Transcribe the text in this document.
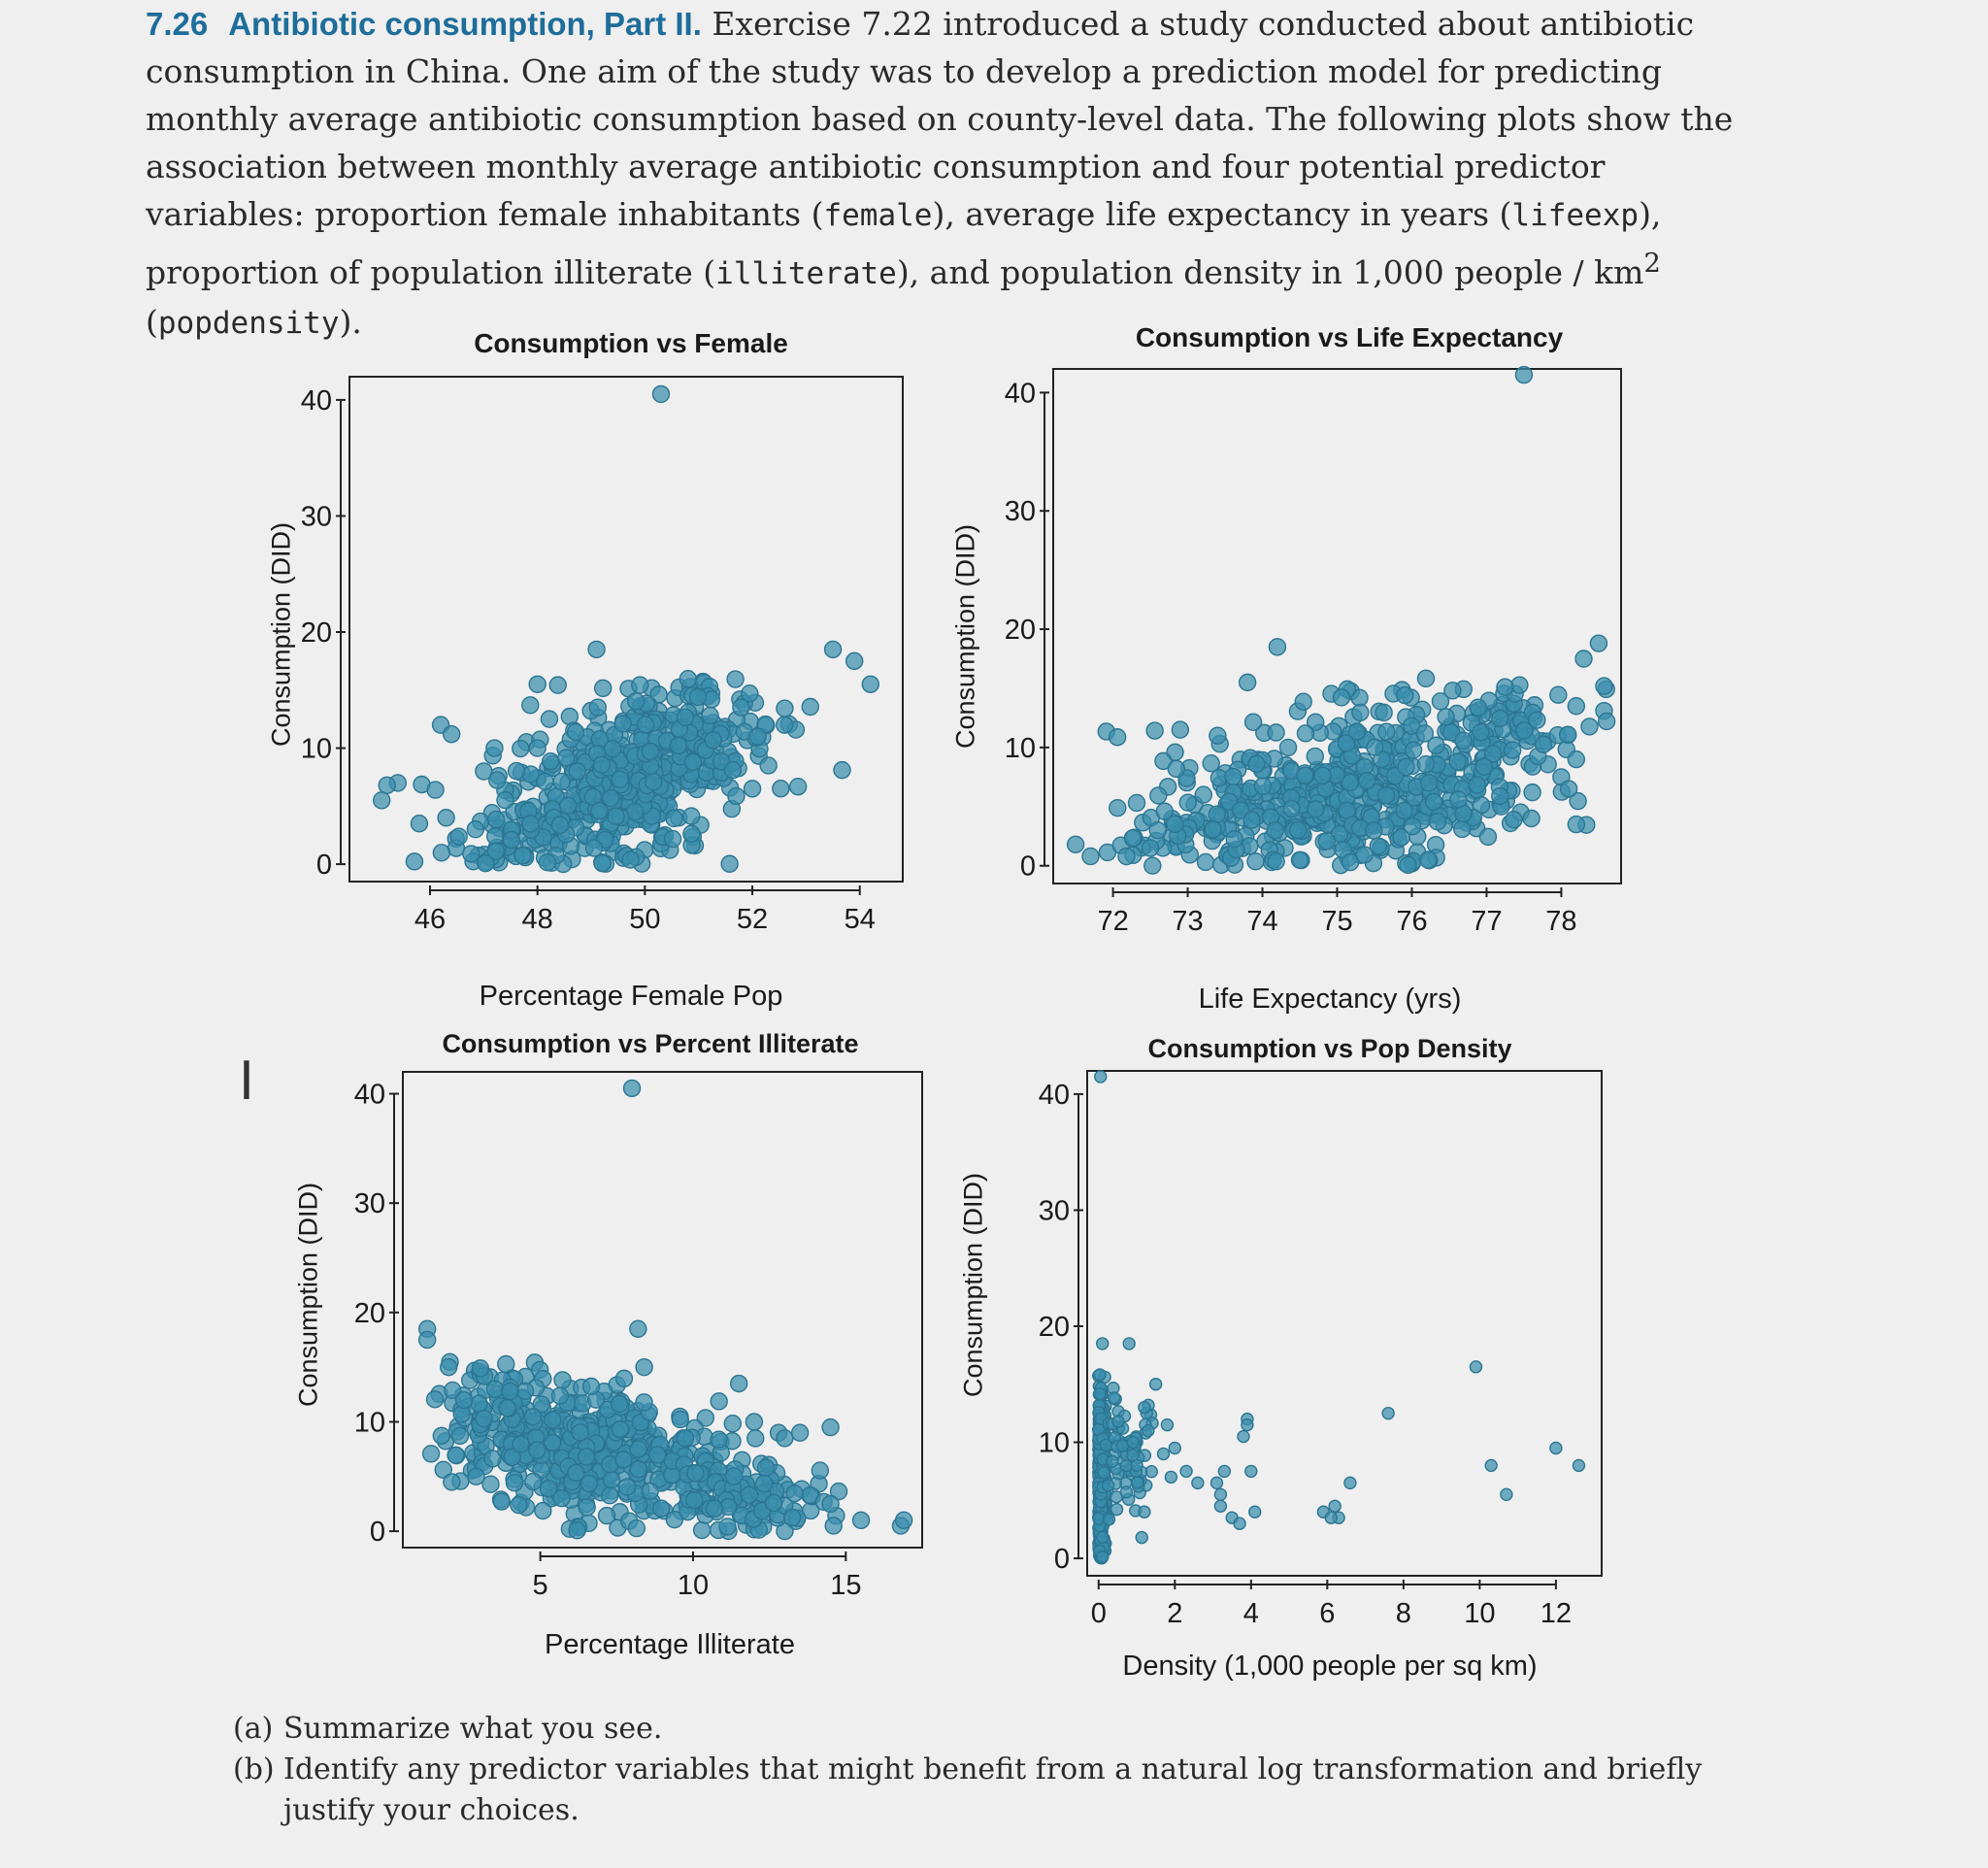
7.26 Antibiotic consumption, Part II. Exercise 7.22 introduced a study conducted about antibiotic consumption in China. One aim of the study was to develop a prediction model for predicting monthly average antibiotic consumption based on county-level data. The following plots show the association between monthly average antibiotic consumption and four potential predictor variables: proportion female inhabitants (female), average life expectancy in years (lifeexp), proportion of population illiterate (illiterate), and population density in 1,000 people / $km^2$ (popdensity).
Consumption vs Female
0
10
20
30
40
46	48	50	52	54
Percentage Female Pop
Consumption (DID)
Consumption vs Life Expectancy
0
10
20
30
40
72 73 74 75 76 77 78
Life Expectancy (yrs)
Consumption (DID)
Consumption vs Percent Illiterate
0
10
20
30
40
5	10	15
Percentage Illiterate
Consumption (DID)
Consumption vs Pop Density
0
10
20
30
40
0 2 4 6 8 10 12
Density (1,000 people per sq km)
Consumption (DID)
I
(a) Summarize what you see.
(b) Identify any predictor variables that might benefit from a natural log transformation and briefly justify your choices.
